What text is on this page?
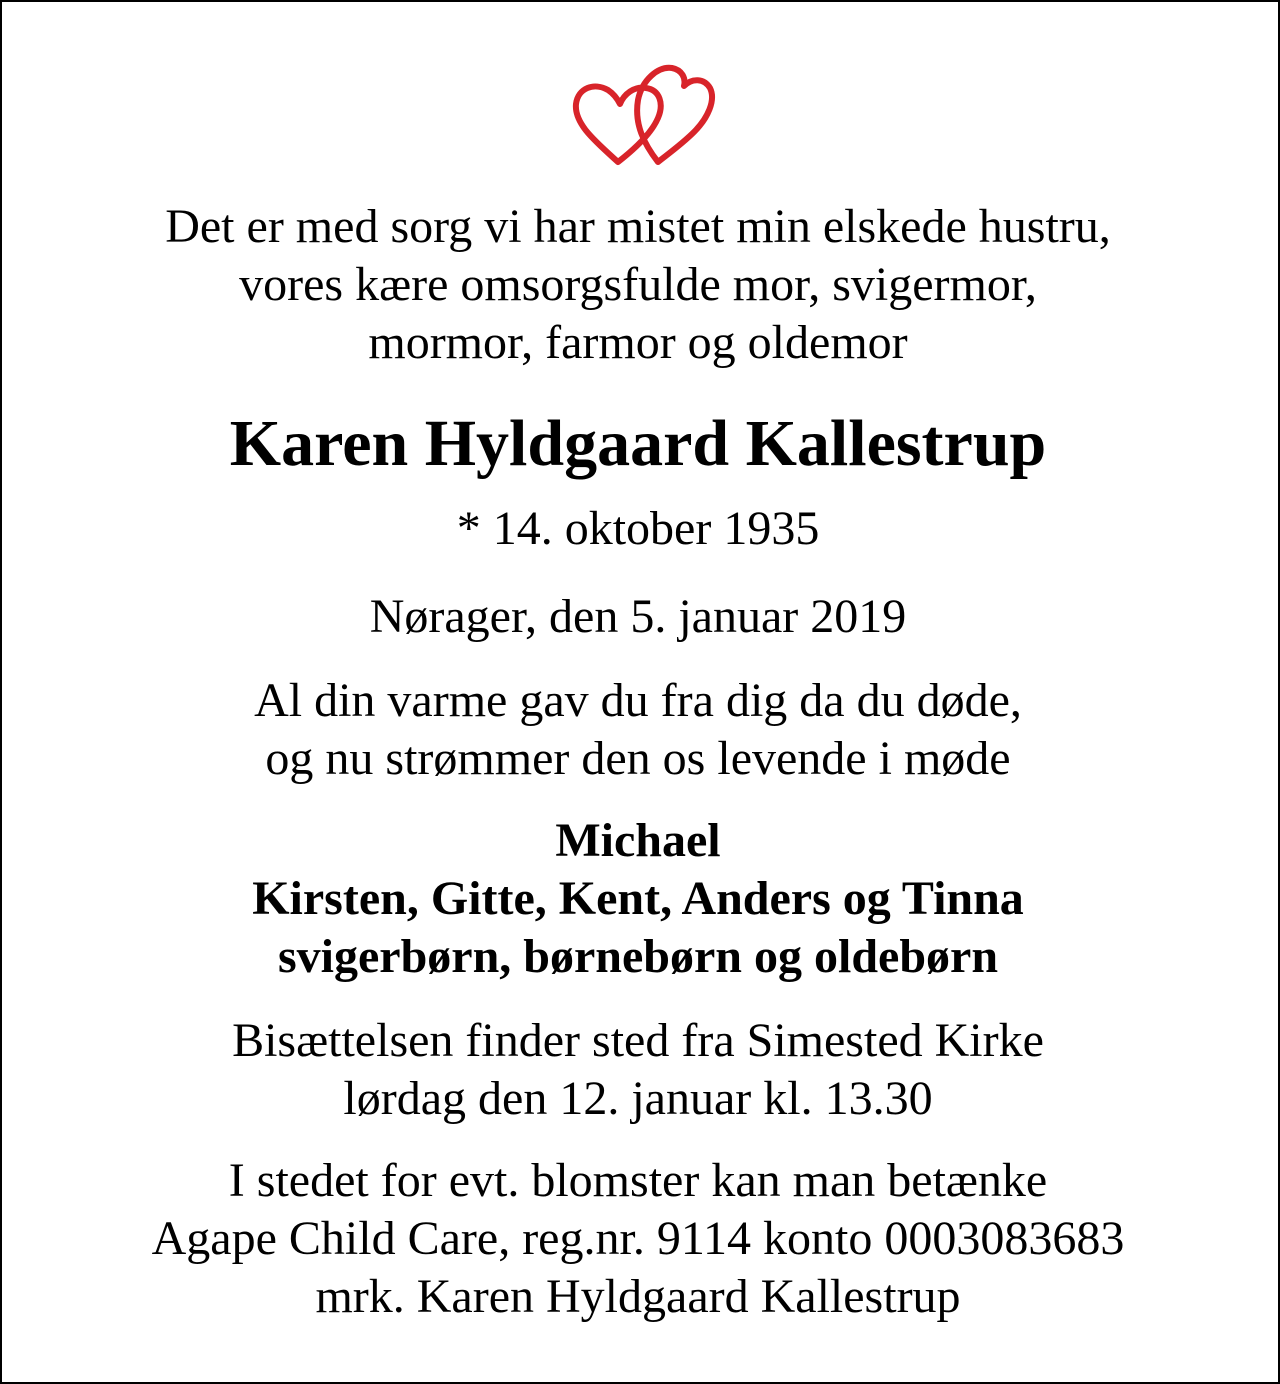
Det er med sorg vi har mistet min elskede hustru,
vores kære omsorgsfulde mor, svigermor,
mormor, farmor og oldemor
Karen Hyldgaard Kallestrup
* 14. oktober 1935
Nørager, den 5. januar 2019
Al din varme gav du fra dig da du døde,
og nu strømmer den os levende i møde
Michael
Kirsten, Gitte, Kent, Anders og Tinna
svigerbørn, børnebørn og oldebørn
Bisættelsen finder sted fra Simested Kirke
lørdag den 12. januar kl. 13.30
I stedet for evt. blomster kan man betænke
Agape Child Care, reg.nr. 9114 konto 0003083683
mrk. Karen Hyldgaard Kallestrup
